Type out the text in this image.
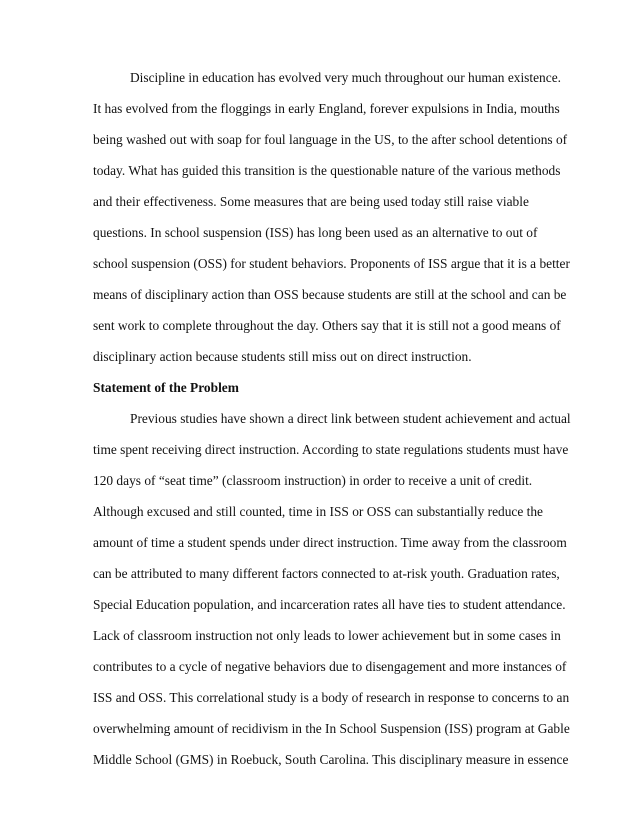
Discipline in education has evolved very much throughout our human existence.
It has evolved from the floggings in early England, forever expulsions in India, mouths
being washed out with soap for foul language in the US, to the after school detentions of
today. What has guided this transition is the questionable nature of the various methods
and their effectiveness. Some measures that are being used today still raise viable
questions. In school suspension (ISS) has long been used as an alternative to out of
school suspension (OSS) for student behaviors. Proponents of ISS argue that it is a better
means of disciplinary action than OSS because students are still at the school and can be
sent work to complete throughout the day. Others say that it is still not a good means of
disciplinary action because students still miss out on direct instruction.
Statement of the Problem
Previous studies have shown a direct link between student achievement and actual
time spent receiving direct instruction. According to state regulations students must have
120 days of “seat time” (classroom instruction) in order to receive a unit of credit.
Although excused and still counted, time in ISS or OSS can substantially reduce the
amount of time a student spends under direct instruction. Time away from the classroom
can be attributed to many different factors connected to at-risk youth. Graduation rates,
Special Education population, and incarceration rates all have ties to student attendance.
Lack of classroom instruction not only leads to lower achievement but in some cases in
contributes to a cycle of negative behaviors due to disengagement and more instances of
ISS and OSS. This correlational study is a body of research in response to concerns to an
overwhelming amount of recidivism in the In School Suspension (ISS) program at Gable
Middle School (GMS) in Roebuck, South Carolina. This disciplinary measure in essence
